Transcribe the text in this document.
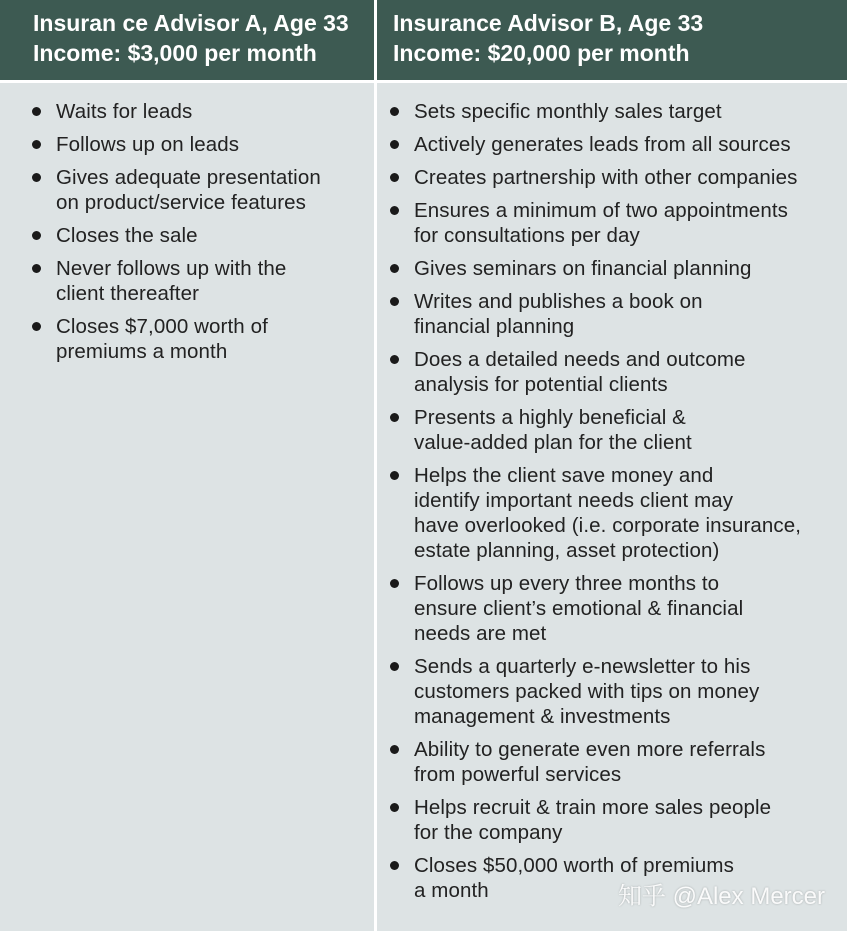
Insuran ce Advisor A, Age 33
Income: $3,000 per month
Insurance Advisor B, Age 33
Income: $20,000 per month
Waits for leads
Follows up on leads
Gives adequate presentation
on product/service features
Closes the sale
Never follows up with the
client thereafter
Closes $7,000 worth of
premiums a month
Sets specific monthly sales target
Actively generates leads from all sources
Creates partnership with other companies
Ensures a minimum of two appointments
for consultations per day
Gives seminars on financial planning
Writes and publishes a book on
financial planning
Does a detailed needs and outcome
analysis for potential clients
Presents a highly beneficial &
value-added plan for the client
Helps the client save money and
identify important needs client may
have overlooked (i.e. corporate insurance,
estate planning, asset protection)
Follows up every three months to
ensure client’s emotional & financial
needs are met
Sends a quarterly e-newsletter to his
customers packed with tips on money
management & investments
Ability to generate even more referrals
from powerful services
Helps recruit & train more sales people
for the company
Closes $50,000 worth of premiums
a month	知乎 @Alex Mercer
